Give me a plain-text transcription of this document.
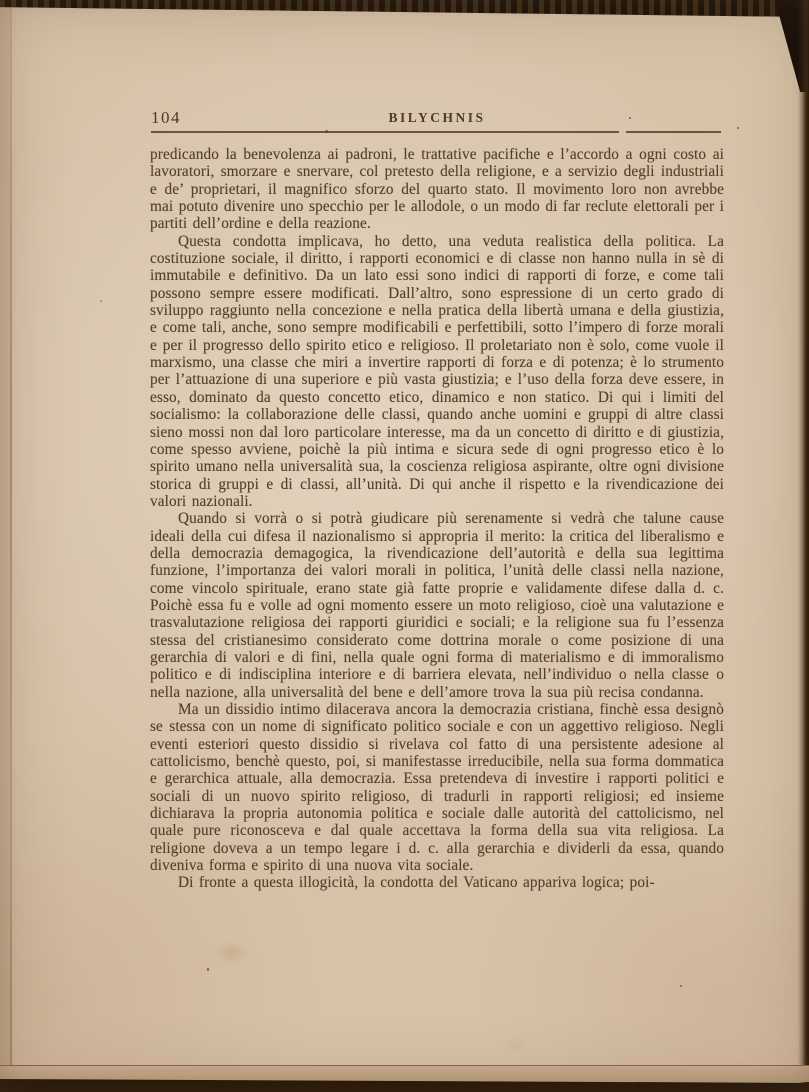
104	BILYCHNIS

predicando la benevolenza ai padroni, le trattative pacifiche e l’accordo a ogni costo ai lavoratori, smorzare e snervare, col pretesto della religione, e a servizio degli industriali e de’ proprietari, il magnifico sforzo del quarto stato. Il movimento loro non avrebbe mai potuto divenire uno specchio per le allodole, o un modo di far reclute elettorali per i partiti dell’ordine e della reazione.

Questa condotta implicava, ho detto, una veduta realistica della politica. La costituzione sociale, il diritto, i rapporti economici e di classe non hanno nulla in sè di immutabile e definitivo. Da un lato essi sono indici di rapporti di forze, e come tali possono sempre essere modificati. Dall’altro, sono espressione di un certo grado di sviluppo raggiunto nella concezione e nella pratica della libertà umana e della giustizia, e come tali, anche, sono sempre modificabili e perfettibili, sotto l’impero di forze morali e per il progresso dello spirito etico e religioso. Il proletariato non è solo, come vuole il marxismo, una classe che miri a invertire rapporti di forza e di potenza; è lo strumento per l’attuazione di una superiore e più vasta giustizia; e l’uso della forza deve essere, in esso, dominato da questo concetto etico, dinamico e non statico. Di qui i limiti del socialismo: la collaborazione delle classi, quando anche uomini e gruppi di altre classi sieno mossi non dal loro particolare interesse, ma da un concetto di diritto e di giustizia, come spesso avviene, poichè la più intima e sicura sede di ogni progresso etico è lo spirito umano nella universalità sua, la coscienza religiosa aspirante, oltre ogni divisione storica di gruppi e di classi, all’unità. Di qui anche il rispetto e la rivendicazione dei valori nazionali.

Quando si vorrà o si potrà giudicare più serenamente si vedrà che talune cause ideali della cui difesa il nazionalismo si appropria il merito: la critica del liberalismo e della democrazia demagogica, la rivendicazione dell’autorità e della sua legittima funzione, l’importanza dei valori morali in politica, l’unità delle classi nella nazione, come vincolo spirituale, erano state già fatte proprie e validamente difese dalla d. c. Poichè essa fu e volle ad ogni momento essere un moto religioso, cioè una valutazione e trasvalutazione religiosa dei rapporti giuridici e sociali; e la religione sua fu l’essenza stessa del cristianesimo considerato come dottrina morale o come posizione di una gerarchia di valori e di fini, nella quale ogni forma di materialismo e di immoralismo politico e di indisciplina interiore e di barriera elevata, nell’individuo o nella classe o nella nazione, alla universalità del bene e dell’amore trova la sua più recisa condanna.

Ma un dissidio intimo dilacerava ancora la democrazia cristiana, finchè essa designò se stessa con un nome di significato politico sociale e con un aggettivo religioso. Negli eventi esteriori questo dissidio si rivelava col fatto di una persistente adesione al cattolicismo, benchè questo, poi, si manifestasse irreducibile, nella sua forma dommatica e gerarchica attuale, alla democrazia. Essa pretendeva di investire i rapporti politici e sociali di un nuovo spirito religioso, di tradurli in rapporti religiosi; ed insieme dichiarava la propria autonomia politica e sociale dalle autorità del cattolicismo, nel quale pure riconosceva e dal quale accettava la forma della sua vita religiosa. La religione doveva a un tempo legare i d. c. alla gerarchia e dividerli da essa, quando diveniva forma e spirito di una nuova vita sociale.

Di fronte a questa illogicità, la condotta del Vaticano appariva logica; poi-
